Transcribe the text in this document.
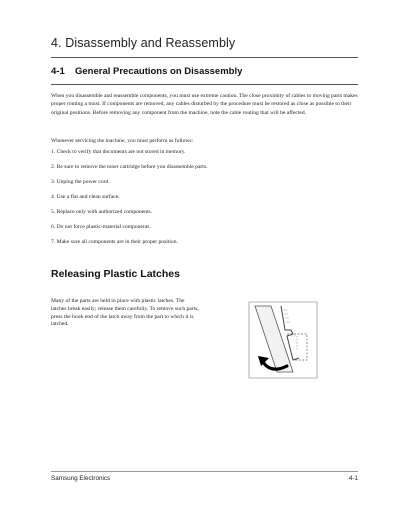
4. Disassembly and Reassembly
4-1 General Precautions on Disassembly

When you disassemble and reassemble components, you must use extreme caution. The close proximity of cables to moving parts makes proper routing a must. If components are removed, any cables disturbed by the procedure must be restored as close as possible to their original positions. Before removing any component from the machine, note the cable routing that will be affected.

Whenever servicing the machine, you must perform as follows:

1. Check to verify that documents are not stored in memory.
2. Be sure to remove the toner cartridge before you disassemble parts.
3. Unplug the power cord.
4. Use a flat and clean surface.
5. Replace only with authorized components.
6. Do not force plastic-material components.
7. Make sure all components are in their proper position.
Releasing Plastic Latches

Many of the parts are held in place with plastic latches. The latches break easily; release them carefully. To remove such parts, press the hook end of the latch away from the part to which it is latched.

Samsung Electronics	4-1
